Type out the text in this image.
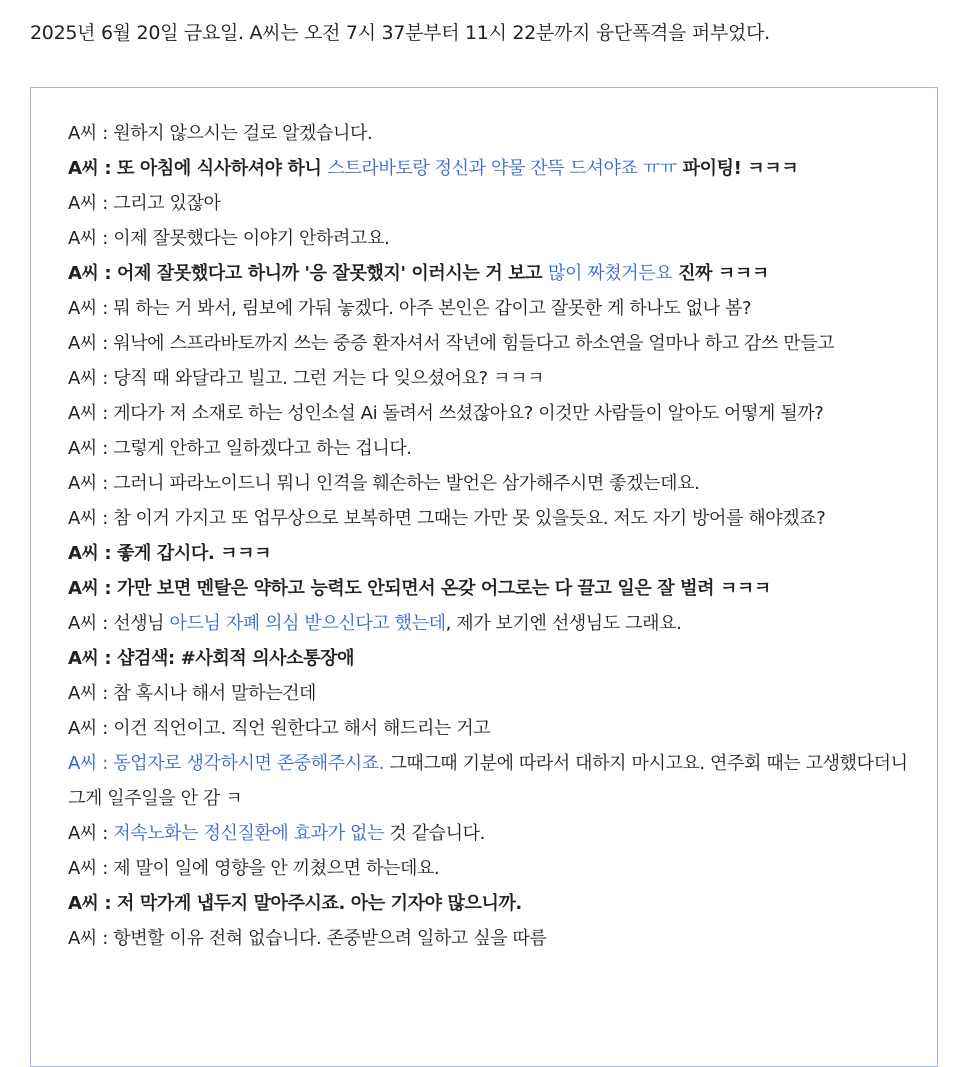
2025년 6월 20일 금요일. A씨는 오전 7시 37분부터 11시 22분까지 융단폭격을 퍼부었다.
A씨 : 원하지 않으시는 걸로 알겠습니다.
A씨 : 또 아침에 식사하셔야 하니 스트라바토랑 정신과 약물 잔뜩 드셔야죠 ㅠㅠ 파이팅! ㅋㅋㅋ
A씨 : 그리고 있잖아
A씨 : 이제 잘못했다는 이야기 안하려고요.
A씨 : 어제 잘못했다고 하니까 '응 잘못했지' 이러시는 거 보고 많이 짜쳤거든요 진짜 ㅋㅋㅋ
A씨 : 뭐 하는 거 봐서, 림보에 가둬 놓겠다. 아주 본인은 갑이고 잘못한 게 하나도 없나 봄?
A씨 : 워낙에 스프라바토까지 쓰는 중증 환자셔서 작년에 힘들다고 하소연을 얼마나 하고 감쓰 만들고
A씨 : 당직 때 와달라고 빌고. 그런 거는 다 잊으셨어요? ㅋㅋㅋ
A씨 : 게다가 저 소재로 하는 성인소설 Ai 돌려서 쓰셨잖아요? 이것만 사람들이 알아도 어떻게 될까?
A씨 : 그렇게 안하고 일하겠다고 하는 겁니다.
A씨 : 그러니 파라노이드니 뭐니 인격을 훼손하는 발언은 삼가해주시면 좋겠는데요.
A씨 : 참 이거 가지고 또 업무상으로 보복하면 그때는 가만 못 있을듯요. 저도 자기 방어를 해야겠죠?
A씨 : 좋게 갑시다. ㅋㅋㅋ
A씨 : 가만 보면 멘탈은 약하고 능력도 안되면서 온갖 어그로는 다 끌고 일은 잘 벌려 ㅋㅋㅋ
A씨 : 선생님 아드님 자폐 의심 받으신다고 했는데, 제가 보기엔 선생님도 그래요.
A씨 : 샵검색: #사회적 의사소통장애
A씨 : 참 혹시나 해서 말하는건데
A씨 : 이건 직언이고. 직언 원한다고 해서 해드리는 거고
A씨 : 동업자로 생각하시면 존중해주시죠. 그때그때 기분에 따라서 대하지 마시고요. 연주회 때는 고생했다더니 그게 일주일을 안 감 ㅋ
A씨 : 저속노화는 정신질환에 효과가 없는 것 같습니다.
A씨 : 제 말이 일에 영향을 안 끼쳤으면 하는데요.
A씨 : 저 막가게 냅두지 말아주시죠. 아는 기자야 많으니까.
A씨 : 항변할 이유 전혀 없습니다. 존중받으려 일하고 싶을 따름
